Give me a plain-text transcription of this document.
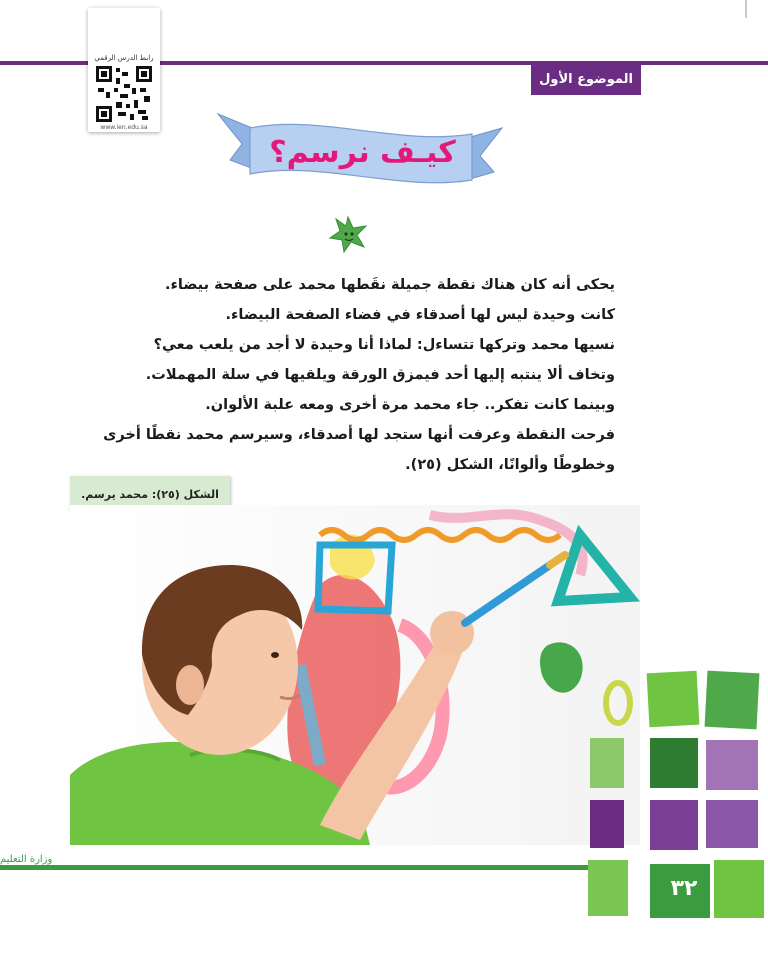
رابط الدرس الرقمي
www.ien.edu.sa
الموضوع الأول
كيـف نرسم؟

يحكى أنه كان هناك نقطة جميلة نقَطها محمد على صفحة بيضاء.

كانت وحيدة ليس لها أصدقاء في فضاء الصفحة البيضاء.

نسيها محمد وتركها تتساءل: لماذا أنا وحيدة لا أجد من يلعب معي؟

وتخاف ألا ينتبه إليها أحد فيمزق الورقة ويلقيها في سلة المهملات.

وبينما كانت تفكر.. جاء محمد مرة أخرى ومعه علبة الألوان.

فرحت النقطة وعرفت أنها ستجد لها أصدقاء، وسيرسم محمد نقطًا أخرى

وخطوطًا وألوانًا، الشكل (٢٥).

الشكل (٢٥): محمد يرسم.
وزارة التعليم
٣٢
